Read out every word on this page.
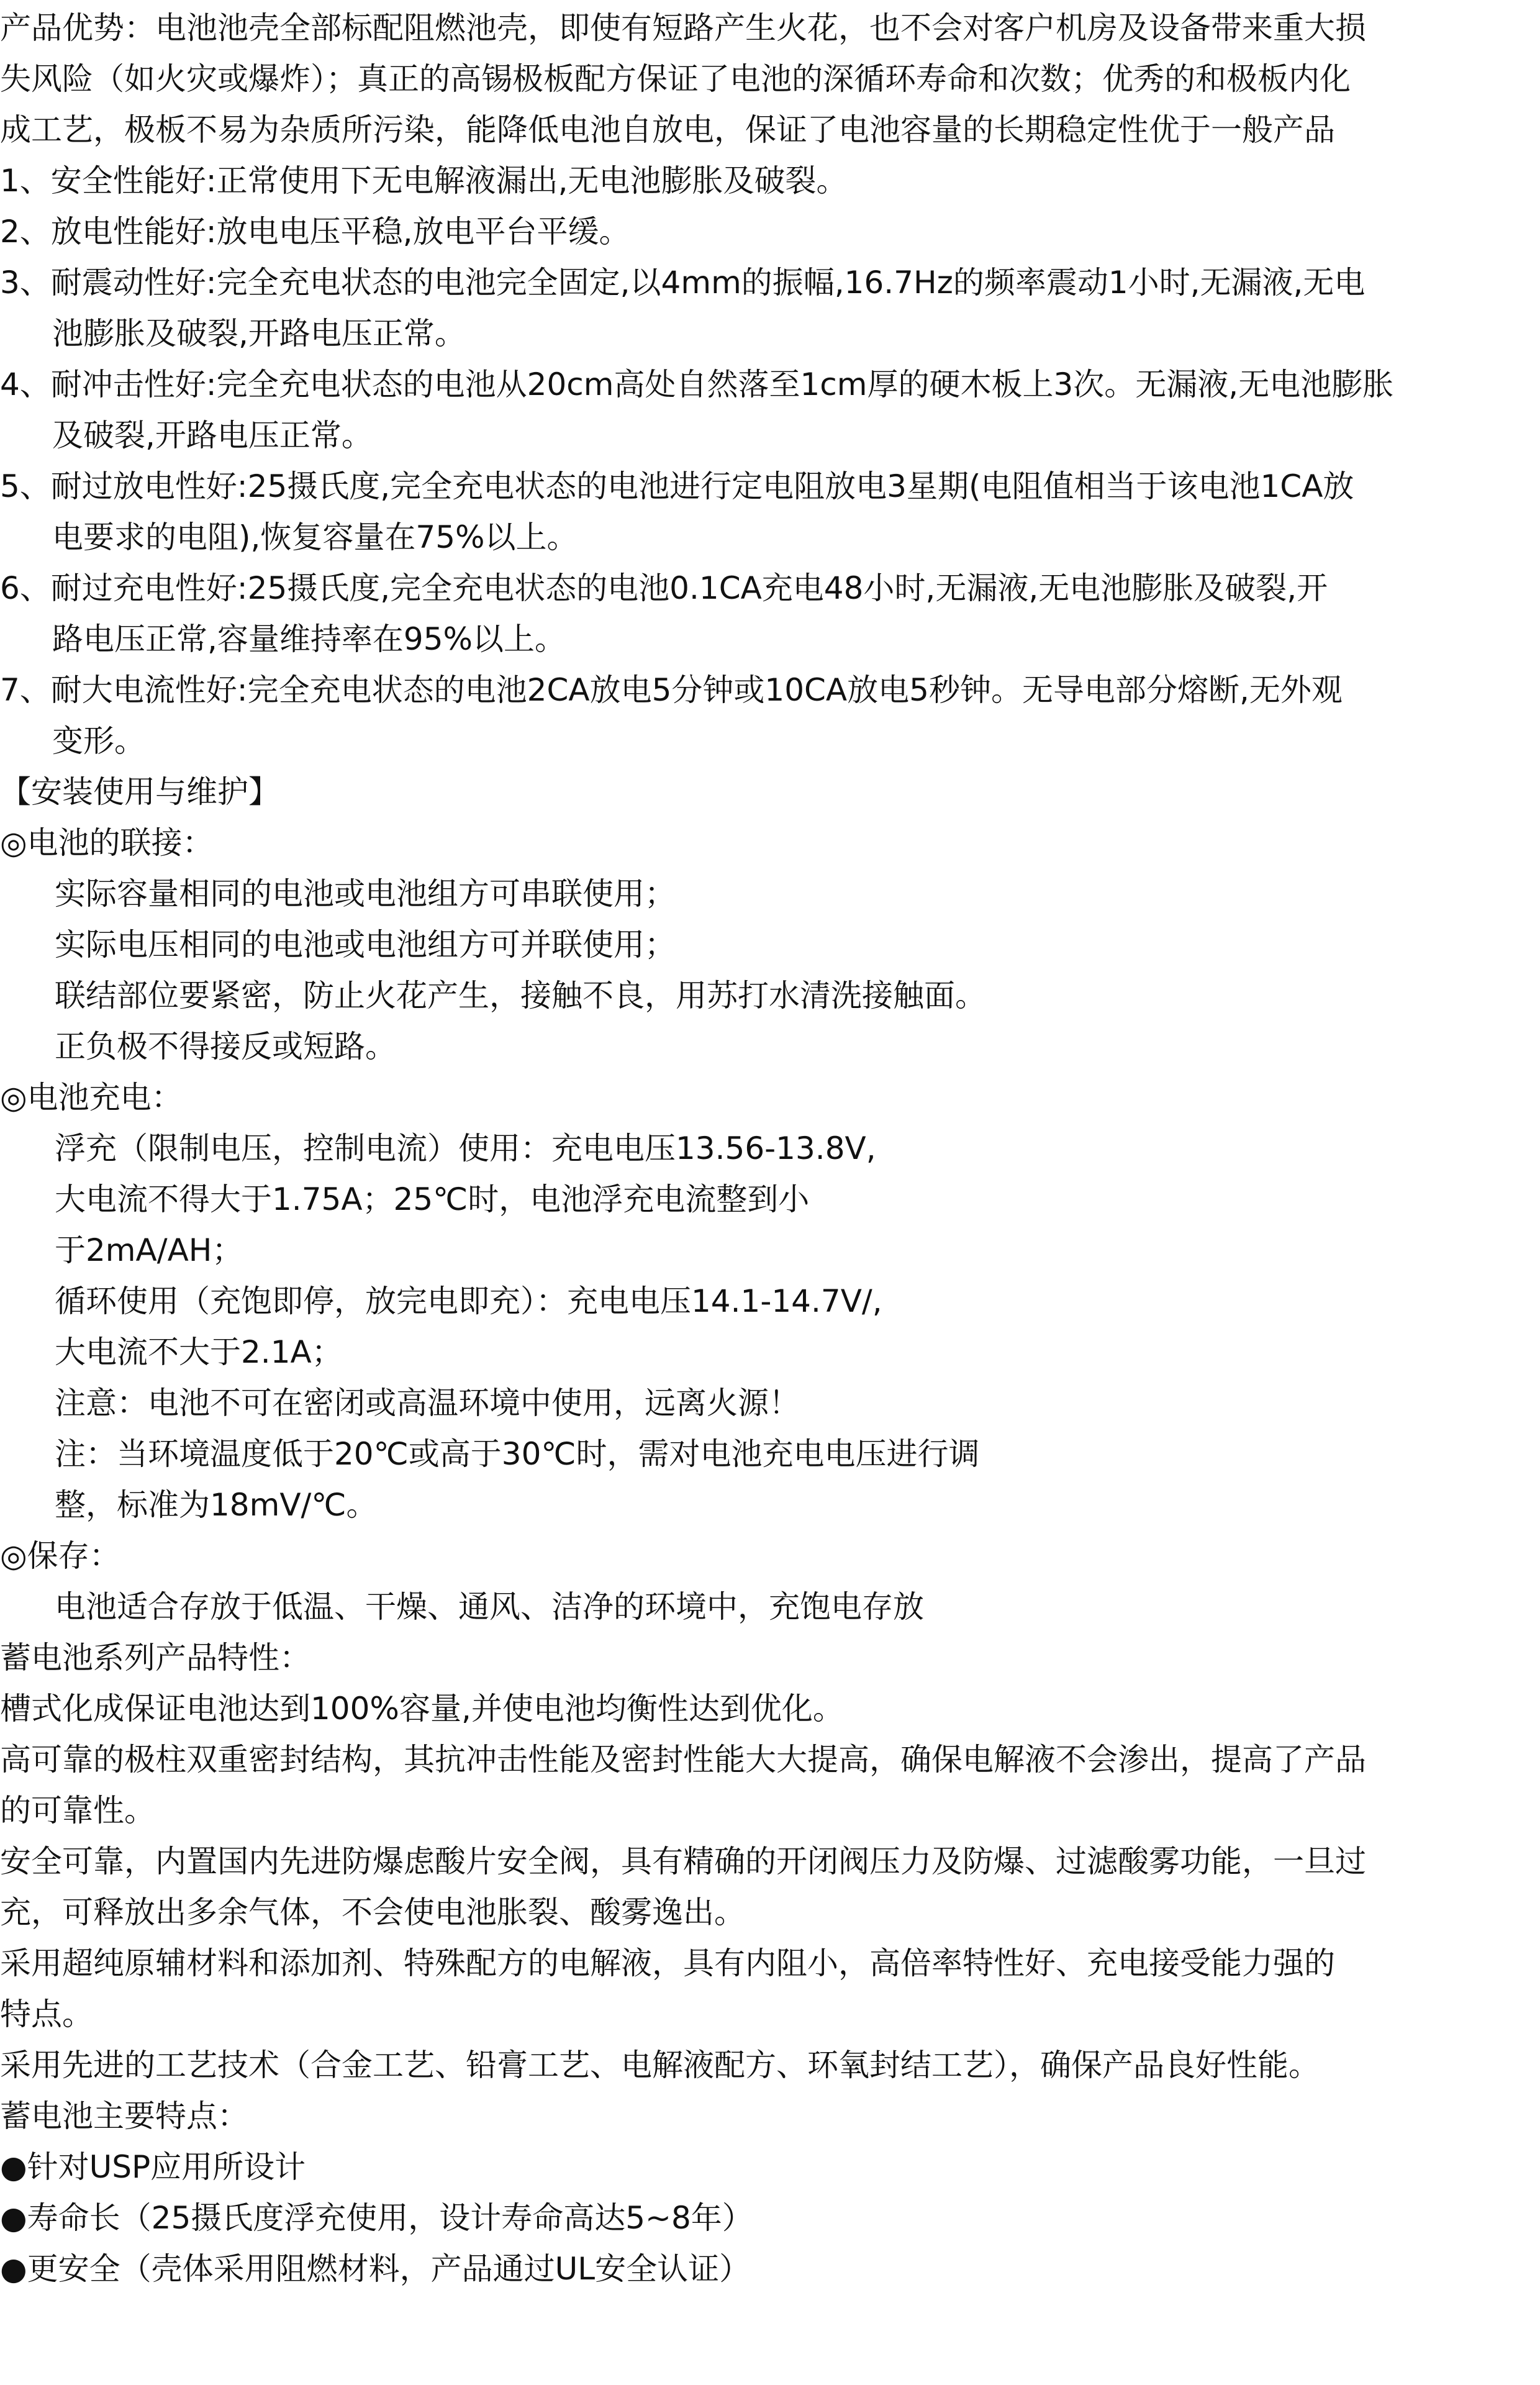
产品优势：电池池壳全部标配阻燃池壳，即使有短路产生火花，也不会对客户机房及设备带来重大损

失风险（如火灾或爆炸）；真正的高锡极板配方保证了电池的深循环寿命和次数；优秀的和极板内化

成工艺，极板不易为杂质所污染，能降低电池自放电，保证了电池容量的长期稳定性优于一般产品

1、安全性能好:正常使用下无电解液漏出,无电池膨胀及破裂。

2、放电性能好:放电电压平稳,放电平台平缓。

3、耐震动性好:完全充电状态的电池完全固定,以4mm的振幅,16.7Hz的频率震动1小时,无漏液,无电

池膨胀及破裂,开路电压正常。

4、耐冲击性好:完全充电状态的电池从20cm高处自然落至1cm厚的硬木板上3次。无漏液,无电池膨胀

及破裂,开路电压正常。

5、耐过放电性好:25摄氏度,完全充电状态的电池进行定电阻放电3星期(电阻值相当于该电池1CA放

电要求的电阻),恢复容量在75%以上。

6、耐过充电性好:25摄氏度,完全充电状态的电池0.1CA充电48小时,无漏液,无电池膨胀及破裂,开

路电压正常,容量维持率在95%以上。

7、耐大电流性好:完全充电状态的电池2CA放电5分钟或10CA放电5秒钟。无导电部分熔断,无外观

变形。

【安装使用与维护】

◎电池的联接：

实际容量相同的电池或电池组方可串联使用；

实际电压相同的电池或电池组方可并联使用；

联结部位要紧密，防止火花产生，接触不良，用苏打水清洗接触面。

正负极不得接反或短路。

◎电池充电：

浮充（限制电压，控制电流）使用：充电电压13.56-13.8V,

大电流不得大于1.75A；25℃时，电池浮充电流整到小

于2mA/AH；

循环使用（充饱即停，放完电即充）：充电电压14.1-14.7V/,

大电流不大于2.1A；

注意：电池不可在密闭或高温环境中使用，远离火源！

注：当环境温度低于20℃或高于30℃时，需对电池充电电压进行调

整，标准为18mV/℃。

◎保存：

电池适合存放于低温、干燥、通风、洁净的环境中，充饱电存放

蓄电池系列产品特性：

槽式化成保证电池达到100%容量,并使电池均衡性达到优化。

高可靠的极柱双重密封结构，其抗冲击性能及密封性能大大提高，确保电解液不会渗出，提高了产品

的可靠性。

安全可靠，内置国内先进防爆虑酸片安全阀，具有精确的开闭阀压力及防爆、过滤酸雾功能，一旦过

充，可释放出多余气体，不会使电池胀裂、酸雾逸出。

采用超纯原辅材料和添加剂、特殊配方的电解液，具有内阻小，高倍率特性好、充电接受能力强的

特点。

采用先进的工艺技术（合金工艺、铅膏工艺、电解液配方、环氧封结工艺），确保产品良好性能。

蓄电池主要特点：

●针对USP应用所设计

●寿命长（25摄氏度浮充使用，设计寿命高达5~8年）

●更安全（壳体采用阻燃材料，产品通过UL安全认证）
